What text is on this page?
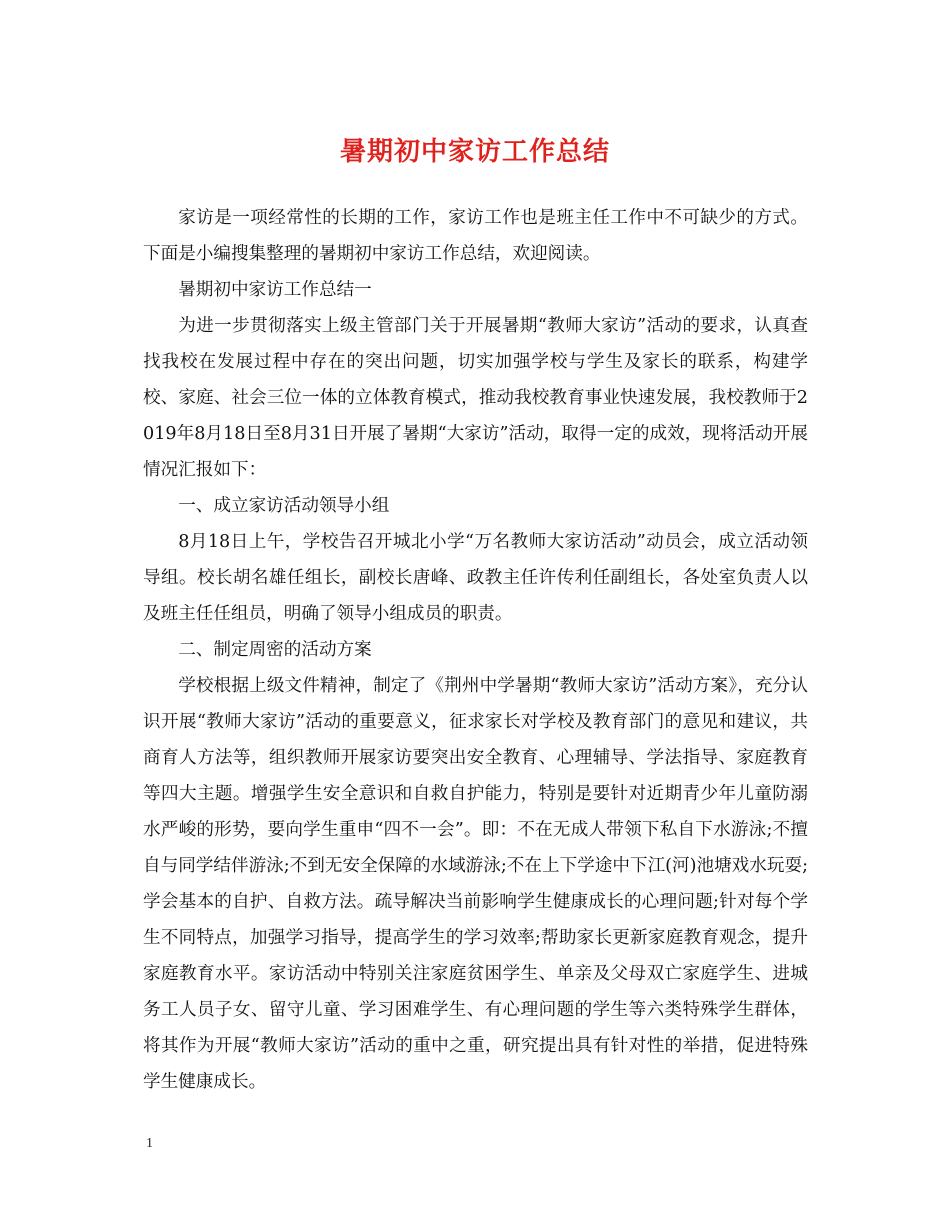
暑期初中家访工作总结

家访是一项经常性的长期的工作，家访工作也是班主任工作中不可缺少的方式。下面是小编搜集整理的暑期初中家访工作总结，欢迎阅读。

暑期初中家访工作总结一

为进一步贯彻落实上级主管部门关于开展暑期“教师大家访”活动的要求，认真查找我校在发展过程中存在的突出问题，切实加强学校与学生及家长的联系，构建学校、家庭、社会三位一体的立体教育模式，推动我校教育事业快速发展，我校教师于2019年8月18日至8月31日开展了暑期“大家访”活动，取得一定的成效，现将活动开展情况汇报如下：

一、成立家访活动领导小组

8月18日上午，学校告召开城北小学“万名教师大家访活动”动员会，成立活动领导组。校长胡名雄任组长，副校长唐峰、政教主任许传利任副组长，各处室负责人以及班主任任组员，明确了领导小组成员的职责。

二、制定周密的活动方案

学校根据上级文件精神，制定了《荆州中学暑期“教师大家访”活动方案》，充分认识开展“教师大家访”活动的重要意义，征求家长对学校及教育部门的意见和建议，共商育人方法等，组织教师开展家访要突出安全教育、心理辅导、学法指导、家庭教育等四大主题。增强学生安全意识和自救自护能力，特别是要针对近期青少年儿童防溺水严峻的形势，要向学生重申“四不一会”。即：不在无成人带领下私自下水游泳;不擅自与同学结伴游泳;不到无安全保障的水域游泳;不在上下学途中下江(河)池塘戏水玩耍;学会基本的自护、自救方法。疏导解决当前影响学生健康成长的心理问题;针对每个学生不同特点，加强学习指导，提高学生的学习效率;帮助家长更新家庭教育观念，提升家庭教育水平。家访活动中特别关注家庭贫困学生、单亲及父母双亡家庭学生、进城务工人员子女、留守儿童、学习困难学生、有心理问题的学生等六类特殊学生群体，将其作为开展“教师大家访”活动的重中之重，研究提出具有针对性的举措，促进特殊学生健康成长。

1
